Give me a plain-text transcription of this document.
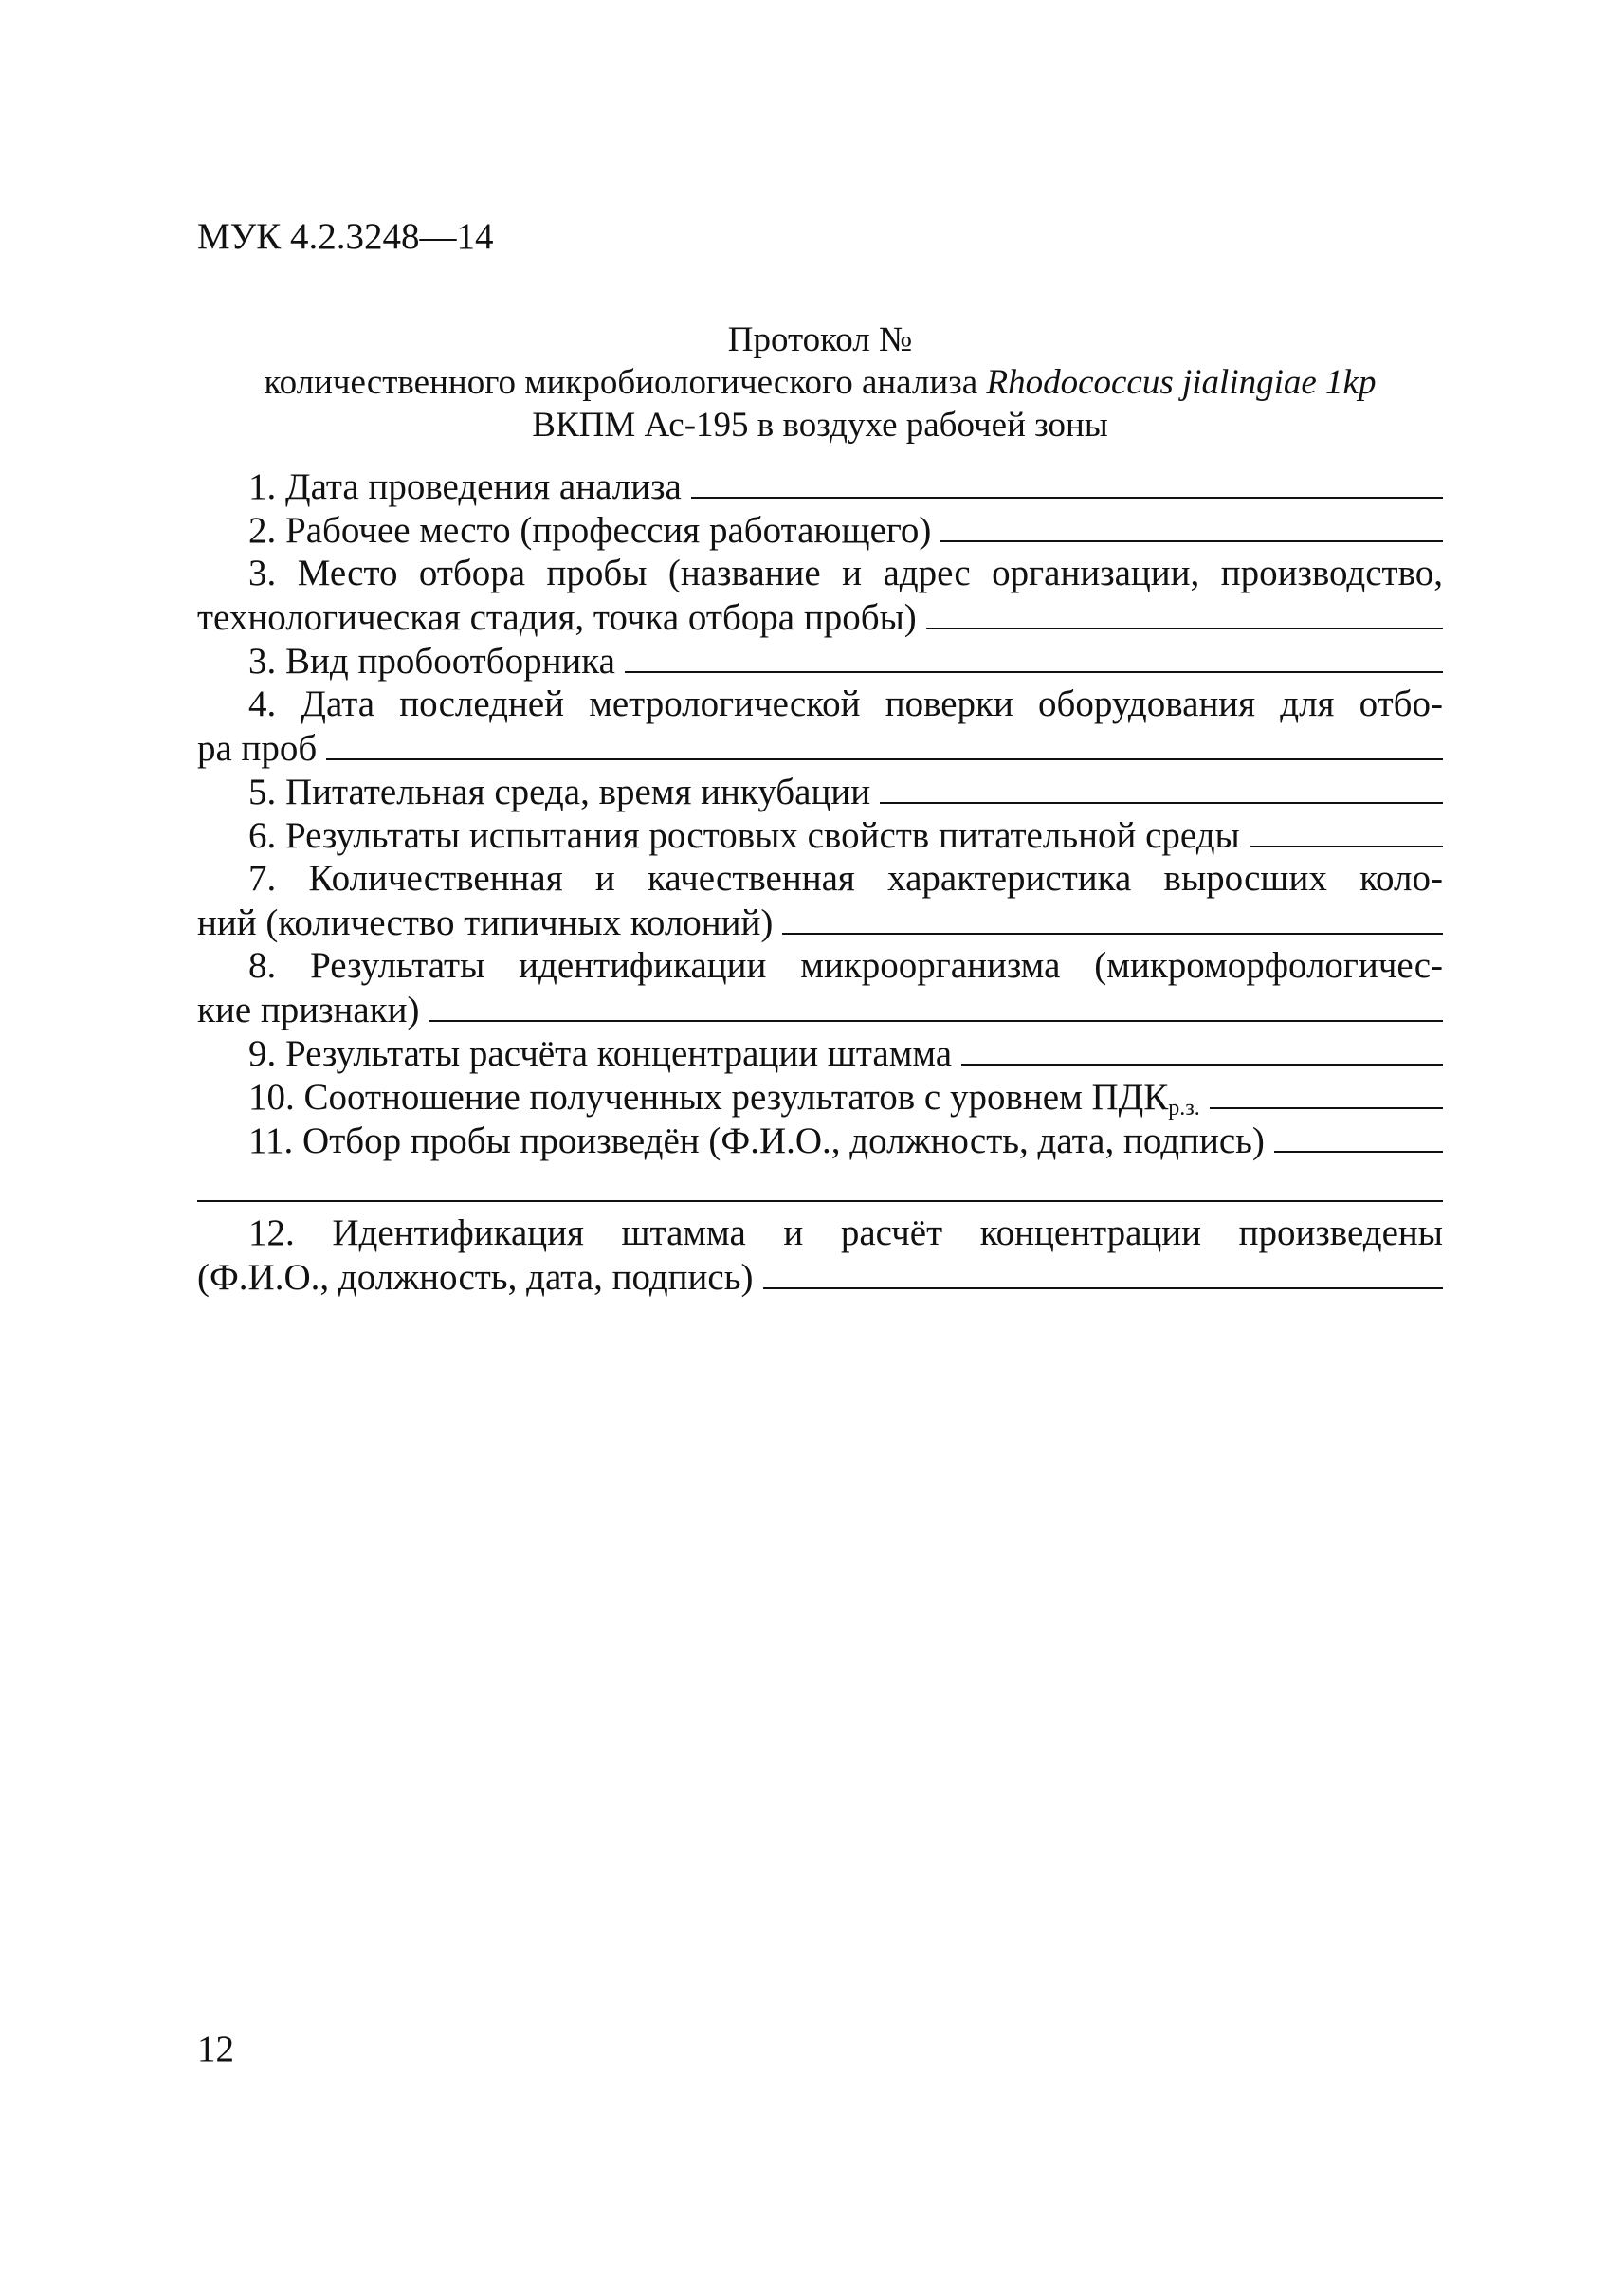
МУК 4.2.3248—14
Протокол №
количественного микробиологического анализа Rhodococcus jialingiae 1kp
ВКПМ Ас-195 в воздухе рабочей зоны
1. Дата проведения анализа
2. Рабочее место (профессия работающего)
3. Место отбора пробы (название и адрес организации, производство,
технологическая стадия, точка отбора пробы)
3. Вид пробоотборника
4. Дата последней метрологической поверки оборудования для отбо-
ра проб
5. Питательная среда, время инкубации
6. Результаты испытания ростовых свойств питательной среды
7. Количественная и качественная характеристика выросших коло-
ний (количество типичных колоний)
8. Результаты идентификации микроорганизма (микроморфологичес-
кие признаки)
9. Результаты расчёта концентрации штамма
10. Соотношение полученных результатов с уровнем $ПДК_{р.з.}$
11. Отбор пробы произведён (Ф.И.О., должность, дата, подпись)
12. Идентификация штамма и расчёт концентрации произведены
(Ф.И.О., должность, дата, подпись)
12
